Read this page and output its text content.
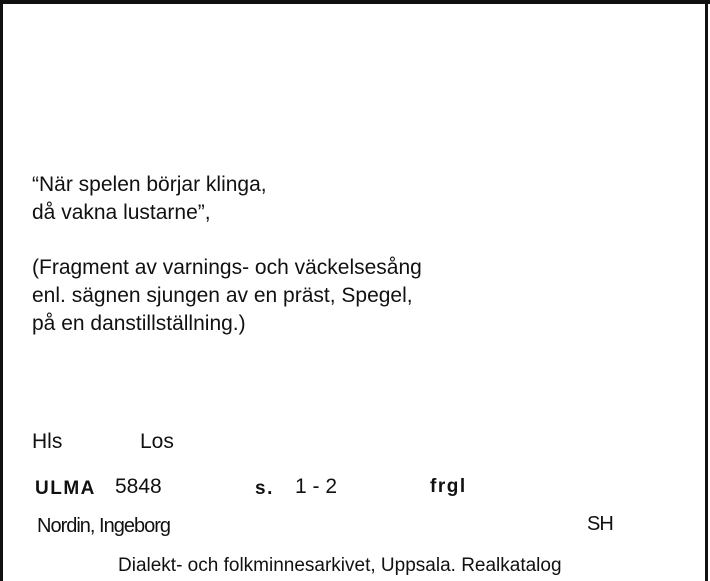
“När spelen börjar klinga,
då vakna lustarne”,
(Fragment av varnings- och väckelsesång
enl. sägnen sjungen av en präst, Spegel,
på en danstillställning.)
Hls	Los
ULMA 5848	s. 1 - 2	frgl
Nordin, Ingeborg	SH
Dialekt- och folkminnesarkivet, Uppsala. Realkatalog
